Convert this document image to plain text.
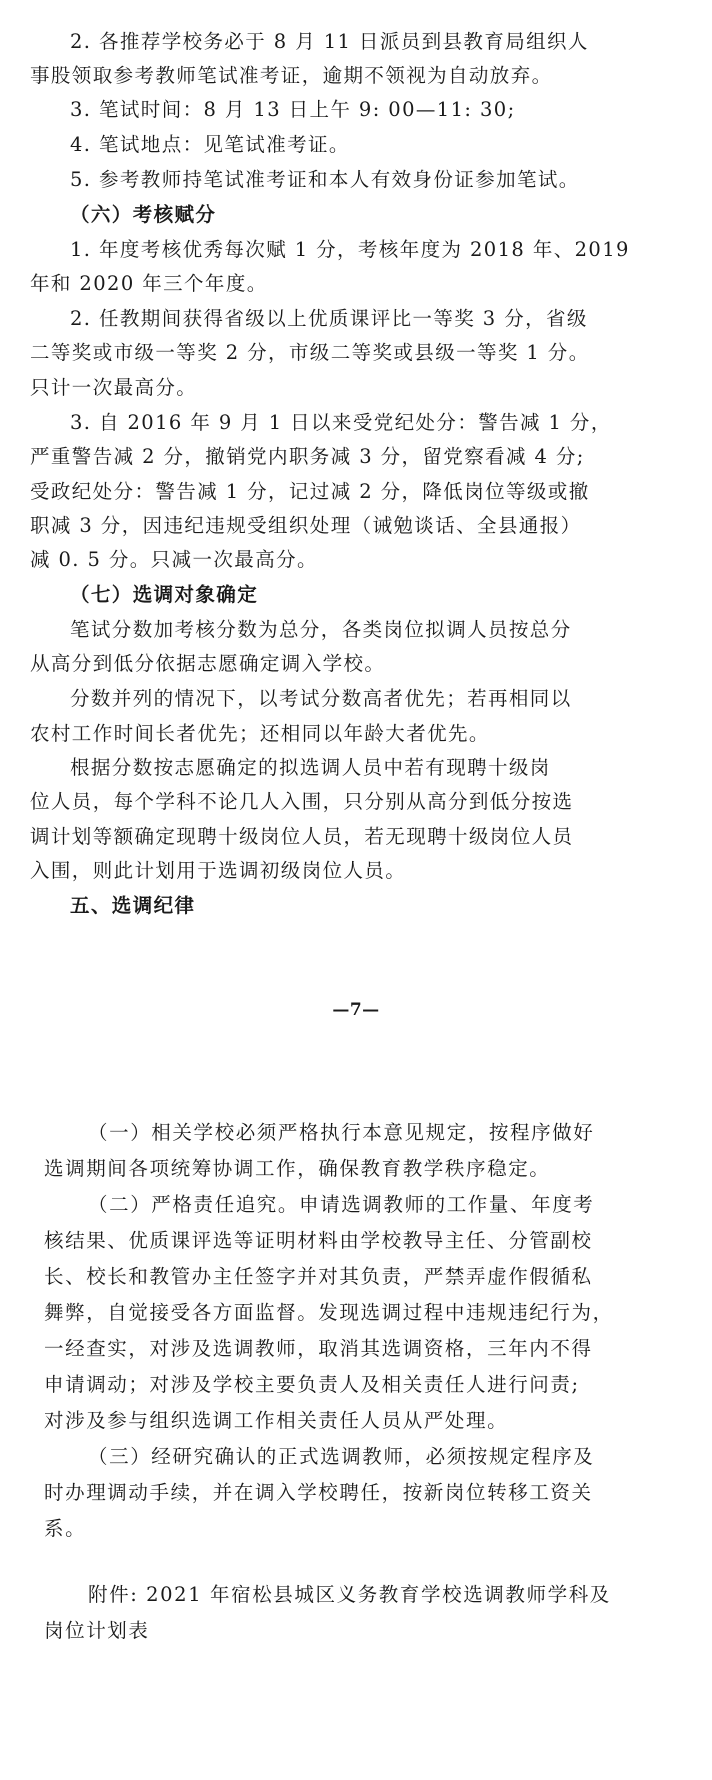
2. 各推荐学校务必于 8 月 11 日派员到县教育局组织人
事股领取参考教师笔试准考证，逾期不领视为自动放弃。
3. 笔试时间：8 月 13 日上午 9: 00—11: 30;
4. 笔试地点：见笔试准考证。
5. 参考教师持笔试准考证和本人有效身份证参加笔试。
（六）考核赋分
1. 年度考核优秀每次赋 1 分，考核年度为 2018 年、2019
年和 2020 年三个年度。
2. 任教期间获得省级以上优质课评比一等奖 3 分，省级
二等奖或市级一等奖 2 分，市级二等奖或县级一等奖 1 分。
只计一次最高分。
3. 自 2016 年 9 月 1 日以来受党纪处分：警告减 1 分，
严重警告减 2 分，撤销党内职务减 3 分，留党察看减 4 分;
受政纪处分：警告减 1 分，记过减 2 分，降低岗位等级或撤
职减 3 分，因违纪违规受组织处理（诫勉谈话、全县通报）
减 0. 5 分。只减一次最高分。
（七）选调对象确定
笔试分数加考核分数为总分，各类岗位拟调人员按总分
从高分到低分依据志愿确定调入学校。
分数并列的情况下，以考试分数高者优先；若再相同以
农村工作时间长者优先；还相同以年龄大者优先。
根据分数按志愿确定的拟选调人员中若有现聘十级岗
位人员，每个学科不论几人入围，只分别从高分到低分按选
调计划等额确定现聘十级岗位人员，若无现聘十级岗位人员
入围，则此计划用于选调初级岗位人员。
五、选调纪律
—7—
（一）相关学校必须严格执行本意见规定，按程序做好
选调期间各项统筹协调工作，确保教育教学秩序稳定。
（二）严格责任追究。申请选调教师的工作量、年度考
核结果、优质课评选等证明材料由学校教导主任、分管副校
长、校长和教管办主任签字并对其负责，严禁弄虚作假循私
舞弊，自觉接受各方面监督。发现选调过程中违规违纪行为，
一经查实，对涉及选调教师，取消其选调资格，三年内不得
申请调动；对涉及学校主要负责人及相关责任人进行问责;
对涉及参与组织选调工作相关责任人员从严处理。
（三）经研究确认的正式选调教师，必须按规定程序及
时办理调动手续，并在调入学校聘任，按新岗位转移工资关
系。
附件: 2021 年宿松县城区义务教育学校选调教师学科及
岗位计划表
